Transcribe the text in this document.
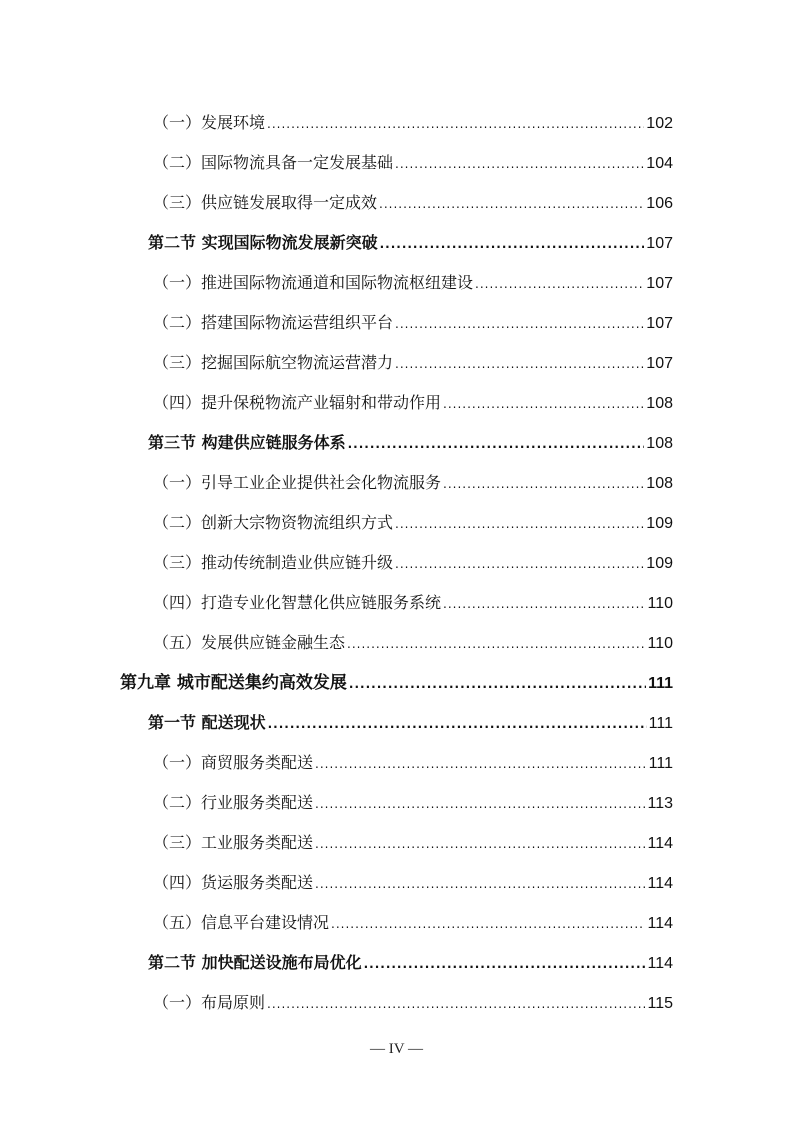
（一）发展环境 .....	102
（二）国际物流具备一定发展基础 .....	104
（三）供应链发展取得一定成效 .....	106
第二节 实现国际物流发展新突破 .....	107
（一）推进国际物流通道和国际物流枢纽建设 .....	107
（二）搭建国际物流运营组织平台 .....	107
（三）挖掘国际航空物流运营潜力 .....	107
（四）提升保税物流产业辐射和带动作用 .....	108
第三节 构建供应链服务体系 .....	108
（一）引导工业企业提供社会化物流服务 .....	108
（二）创新大宗物资物流组织方式 .....	109
（三）推动传统制造业供应链升级 .....	109
（四）打造专业化智慧化供应链服务系统 .....	110
（五）发展供应链金融生态 .....	110
第九章 城市配送集约高效发展 .....	111
第一节 配送现状 .....	111
（一）商贸服务类配送 .....	111
（二）行业服务类配送 .....	113
（三）工业服务类配送 .....	114
（四）货运服务类配送 .....	114
（五）信息平台建设情况 .....	114
第二节 加快配送设施布局优化 .....	114
（一）布局原则 .....	115
— IV —
